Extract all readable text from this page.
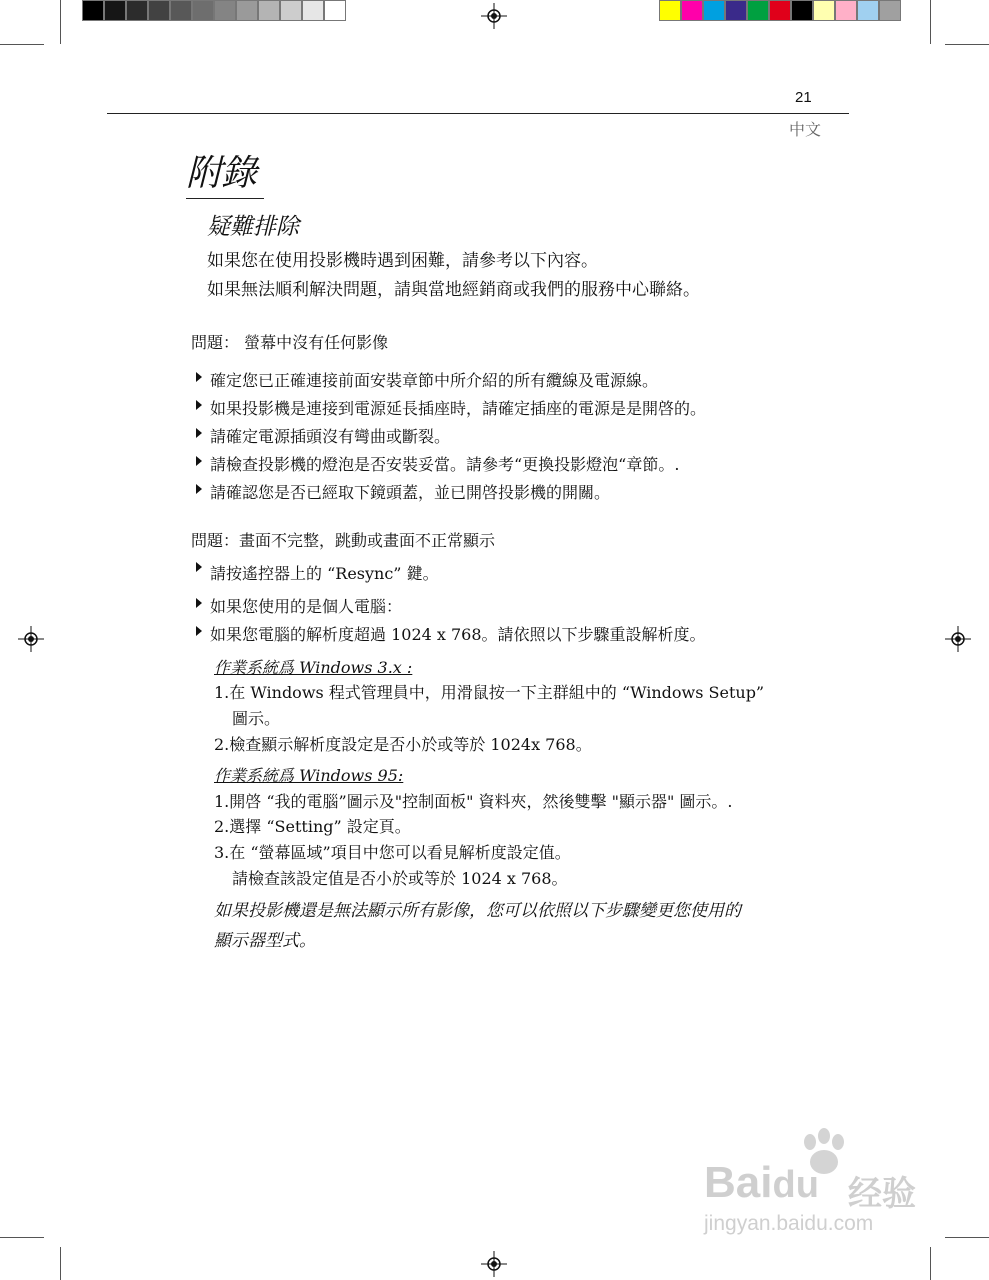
21
中文
附錄
疑難排除
如果您在使用投影機時遇到困難，請參考以下內容。
如果無法順利解決問題，請與當地經銷商或我們的服務中心聯絡。
問題： 螢幕中沒有任何影像
確定您已正確連接前面安裝章節中所介紹的所有纜線及電源線。
如果投影機是連接到電源延長插座時，請確定插座的電源是是開啓的。
請確定電源插頭沒有彎曲或斷裂。
請檢查投影機的燈泡是否安裝妥當。請參考“更換投影燈泡“章節。.
請確認您是否已經取下鏡頭蓋，並已開啓投影機的開關。
問題：畫面不完整，跳動或畫面不正常顯示
請按遙控器上的 “Resync” 鍵。
如果您使用的是個人電腦：
如果您電腦的解析度超過 1024 x 768。請依照以下步驟重設解析度。
作業系統爲 Windows 3.x :
1.在 Windows 程式管理員中，用滑鼠按一下主群組中的 “Windows Setup”
圖示。
2.檢查顯示解析度設定是否小於或等於 1024x 768。
作業系統爲 Windows 95:
1.開啓 “我的電腦”圖示及"控制面板" 資料夾，然後雙擊 "顯示器" 圖示。.
2.選擇 “Setting” 設定頁。
3.在 “螢幕區域”項目中您可以看見解析度設定值。
請檢查該設定值是否小於或等於 1024 x 768。
如果投影機還是無法顯示所有影像，您可以依照以下步驟變更您使用的
顯示器型式。
Baidu 经验
jingyan.baidu.com
